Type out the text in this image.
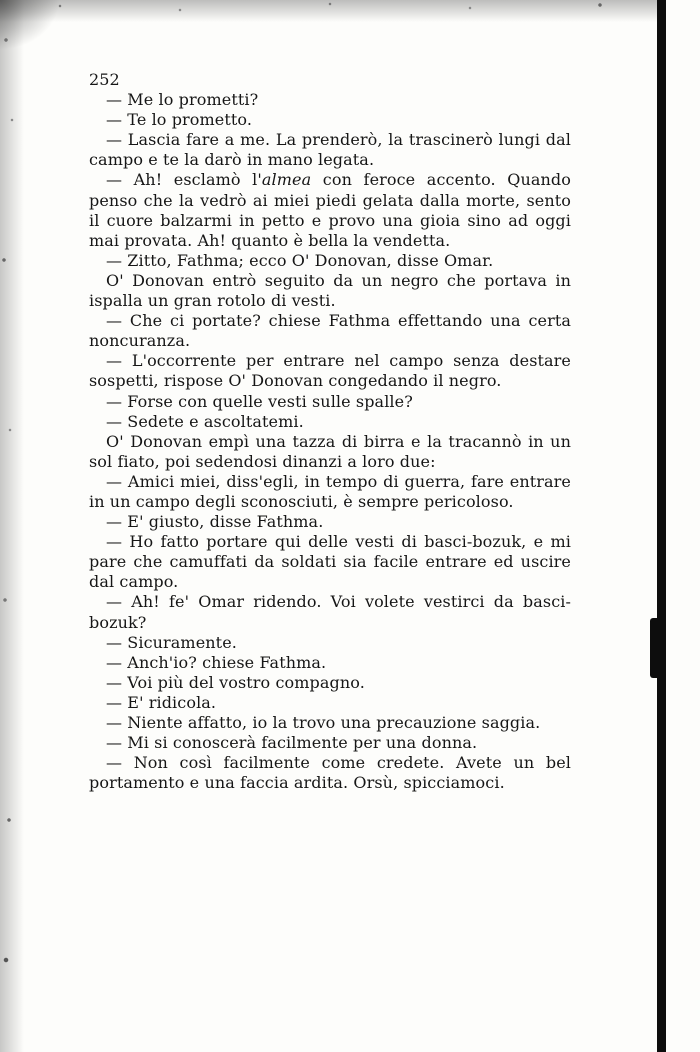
252

— Me lo prometti?

— Te lo prometto.

— Lascia fare a me. La prenderò, la trascinerò lungi dal campo e te la darò in mano legata.

— Ah! esclamò l'almea con feroce accento. Quando penso che la vedrò ai miei piedi gelata dalla morte, sento il cuore balzarmi in petto e provo una gioia sino ad oggi mai provata. Ah! quanto è bella la vendetta.

— Zitto, Fathma; ecco O' Donovan, disse Omar.

O' Donovan entrò seguito da un negro che portava in ispalla un gran rotolo di vesti.

— Che ci portate? chiese Fathma effettando una certa noncuranza.

— L'occorrente per entrare nel campo senza destare sospetti, rispose O' Donovan congedando il negro.

— Forse con quelle vesti sulle spalle?

— Sedete e ascoltatemi.

O' Donovan empì una tazza di birra e la tracannò in un sol fiato, poi sedendosi dinanzi a loro due:

— Amici miei, diss'egli, in tempo di guerra, fare entrare in un campo degli sconosciuti, è sempre pericoloso.

— E' giusto, disse Fathma.

— Ho fatto portare qui delle vesti di basci-bozuk, e mi pare che camuffati da soldati sia facile entrare ed uscire dal campo.

— Ah! fe' Omar ridendo. Voi volete vestirci da basci-bozuk?

— Sicuramente.

— Anch'io? chiese Fathma.

— Voi più del vostro compagno.

— E' ridicola.

— Niente affatto, io la trovo una precauzione saggia.

— Mi si conoscerà facilmente per una donna.

— Non così facilmente come credete. Avete un bel portamento e una faccia ardita. Orsù, spicciamoci.
